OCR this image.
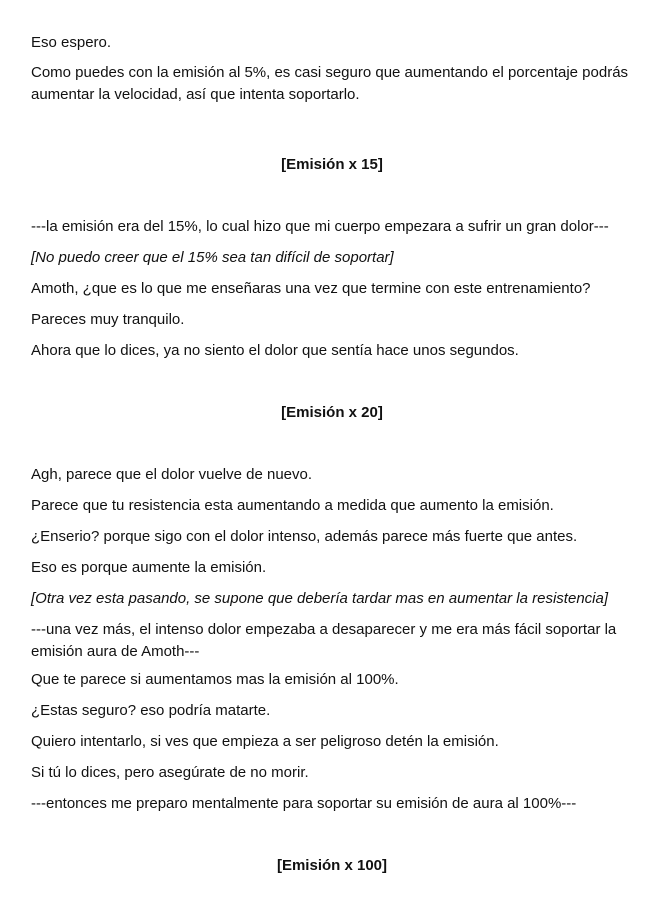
Eso espero.
Como puedes con la emisión al 5%, es casi seguro que aumentando el porcentaje podrás aumentar la velocidad, así que intenta soportarlo.
[Emisión x 15]
---la emisión era del 15%, lo cual hizo que mi cuerpo empezara a sufrir un gran dolor---
[No puedo creer que el 15% sea tan difícil de soportar]
Amoth, ¿que es lo que me enseñaras una vez que termine con este entrenamiento?
Pareces muy tranquilo.
Ahora que lo dices, ya no siento el dolor que sentía hace unos segundos.
[Emisión x 20]
Agh, parece que el dolor vuelve de nuevo.
Parece que tu resistencia esta aumentando a medida que aumento la emisión.
¿Enserio? porque sigo con el dolor intenso, además parece más fuerte que antes.
Eso es porque aumente la emisión.
[Otra vez esta pasando, se supone que debería tardar mas en aumentar la resistencia]
---una vez más, el intenso dolor empezaba a desaparecer y me era más fácil soportar la emisión aura de Amoth---
Que te parece si aumentamos mas la emisión al 100%.
¿Estas seguro? eso podría matarte.
Quiero intentarlo, si ves que empieza a ser peligroso detén la emisión.
Si tú lo dices, pero asegúrate de no morir.
---entonces me preparo mentalmente para soportar su emisión de aura al 100%---
[Emisión x 100]
